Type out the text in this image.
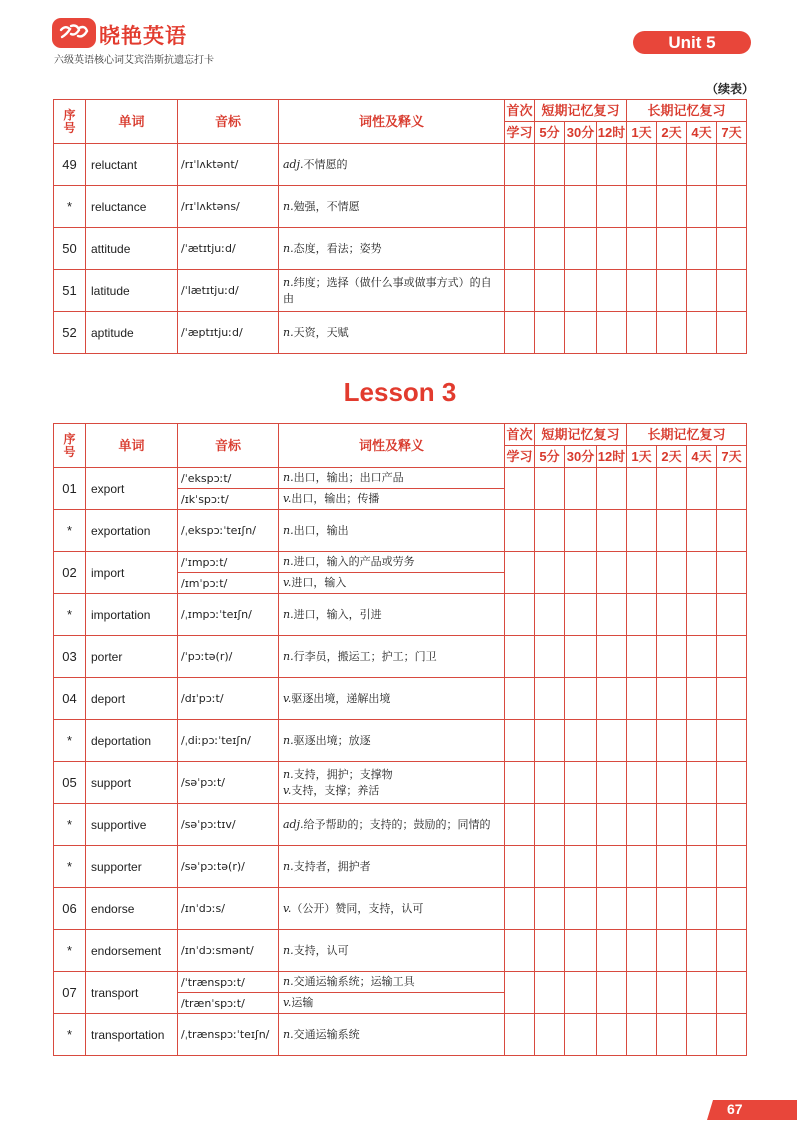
晓艳英语
六级英语核心词艾宾浩斯抗遗忘打卡
Unit 5
（续表）
序号	单词	音标	词性及释义	首次	短期记忆复习			长期记忆复习			
				学习	5分	30分	12时	1天	2天	4天	7天
49	reluctant	/rɪˈlʌktənt/	adj.不情愿的								
*	reluctance	/rɪˈlʌktəns/	n.勉强，不情愿								
50	attitude	/ˈætɪtjuːd/	n.态度，看法；姿势								
51	latitude	/ˈlætɪtjuːd/	n.纬度；选择（做什么事或做事方式）的自由								
52	aptitude	/ˈæptɪtjuːd/	n.天资，天赋								
Lesson 3
序号	单词	音标	词性及释义	首次	短期记忆复习			长期记忆复习			
				学习	5分	30分	12时	1天	2天	4天	7天
01	export	/ˈekspɔːt/	n.出口，输出；出口产品								
		/ɪkˈspɔːt/	v.出口，输出；传播								
*	exportation	/ˌekspɔːˈteɪʃn/	n.出口，输出								
02	import	/ˈɪmpɔːt/	n.进口，输入的产品或劳务								
		/ɪmˈpɔːt/	v.进口，输入								
*	importation	/ˌɪmpɔːˈteɪʃn/	n.进口，输入，引进								
03	porter	/ˈpɔːtə(r)/	n.行李员，搬运工；护工；门卫								
04	deport	/dɪˈpɔːt/	v.驱逐出境，递解出境								
*	deportation	/ˌdiːpɔːˈteɪʃn/	n.驱逐出境；放逐								
05	support	/səˈpɔːt/	n.支持，拥护；支撑物
v.支持，支撑；养活								
*	supportive	/səˈpɔːtɪv/	adj.给予帮助的；支持的；鼓励的；同情的								
*	supporter	/səˈpɔːtə(r)/	n.支持者，拥护者								
06	endorse	/ɪnˈdɔːs/	v.（公开）赞同，支持，认可								
*	endorsement	/ɪnˈdɔːsmənt/	n.支持，认可								
07	transport	/ˈtrænspɔːt/	n.交通运输系统；运输工具								
		/trænˈspɔːt/	v.运输								
*	transportation	/ˌtrænspɔːˈteɪʃn/	n.交通运输系统								
67
